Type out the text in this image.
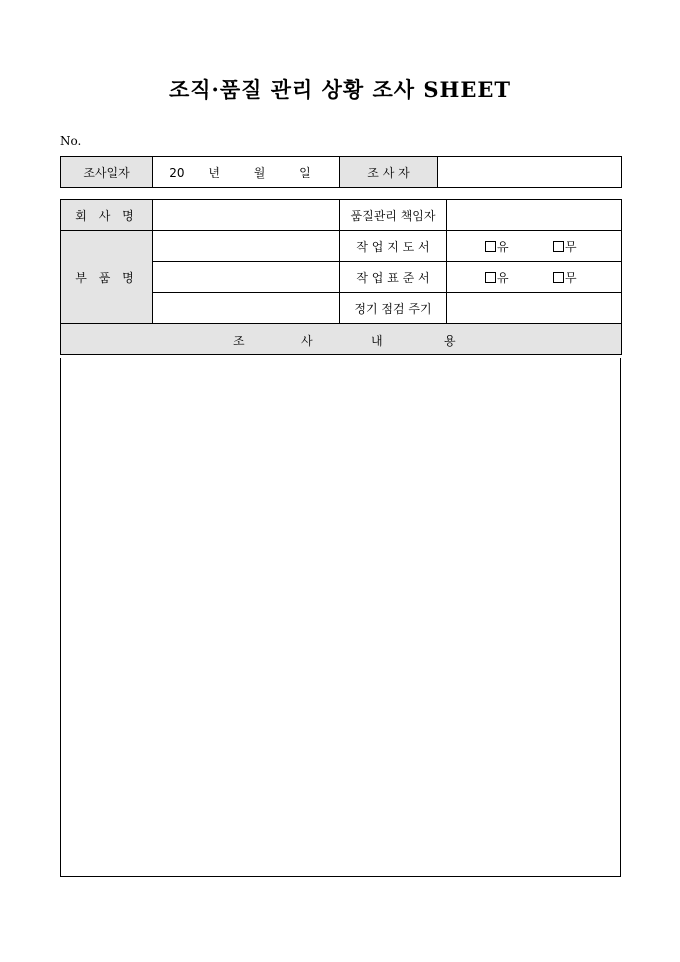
조직·품질 관리 상황 조사 SHEET
No.
조사일자	20 년	월	일	조 사 자	
회 사 명		품질관리 책임자	
부 품 명		작 업 지 도 서	유 무
		작 업 표 준 서	유 무
		정기 점검 주기	

조 사 내 용			
